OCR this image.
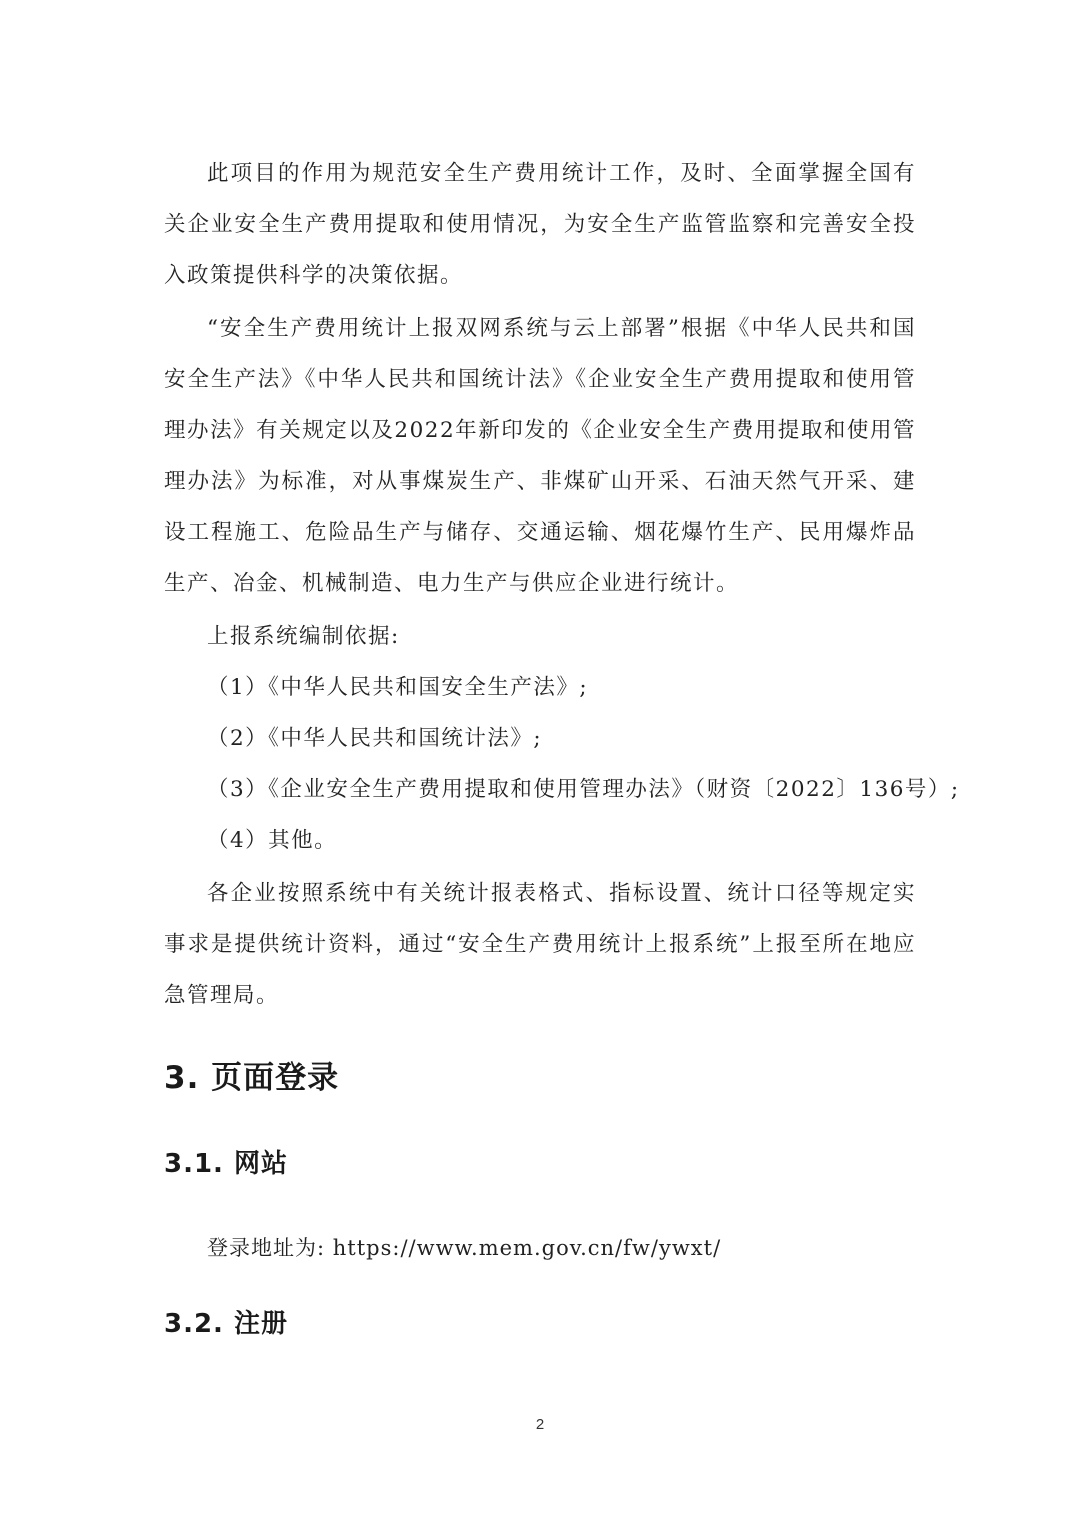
此项目的作用为规范安全生产费用统计工作，及时、全面掌握全国有关企业安全生产费用提取和使用情况，为安全生产监管监察和完善安全投入政策提供科学的决策依据。

“安全生产费用统计上报双网系统与云上部署”根据《中华人民共和国安全生产法》《中华人民共和国统计法》《企业安全生产费用提取和使用管理办法》有关规定以及2022年新印发的《企业安全生产费用提取和使用管理办法》为标准，对从事煤炭生产、非煤矿山开采、石油天然气开采、建设工程施工、危险品生产与储存、交通运输、烟花爆竹生产、民用爆炸品生产、冶金、机械制造、电力生产与供应企业进行统计。

上报系统编制依据:

（1）《中华人民共和国安全生产法》;

（2）《中华人民共和国统计法》;

（3）《企业安全生产费用提取和使用管理办法》（财资〔2022〕136号）;

（4）其他。

各企业按照系统中有关统计报表格式、指标设置、统计口径等规定实事求是提供统计资料，通过“安全生产费用统计上报系统”上报至所在地应急管理局。

3. 页面登录
3.1. 网站

登录地址为: https://www.mem.gov.cn/fw/ywxt/

3.2. 注册
2
